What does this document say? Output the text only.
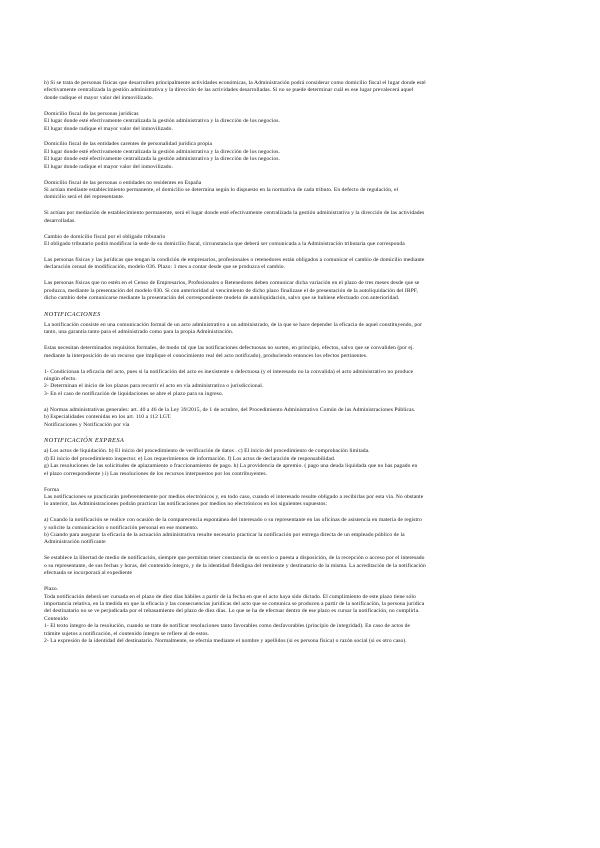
b) Si se trata de personas físicas que desarrollen principalmente actividades económicas, la Administración podrá considerar como domicilio fiscal el lugar donde esté

efectivamente centralizada la gestión administrativa y la dirección de las actividades desarrolladas. Si no se puede determinar cuál es ese lugar prevalecerá aquel

donde radique el mayor valor del inmovilizado.

Domicilio fiscal de las personas jurídicas

El lugar donde esté efectivamente centralizada la gestión administrativa y la dirección de los negocios.

El lugar donde radique el mayor valor del inmovilizado.

Domicilio fiscal de las entidades carentes de personalidad jurídica propia

El lugar donde esté efectivamente centralizada la gestión administrativa y la dirección de los negocios.

El lugar donde esté efectivamente centralizada la gestión administrativa y la dirección de los negocios.

El lugar donde radique el mayor valor del inmovilizado.

Domicilio fiscal de las personas o entidades no residentes en España

Si actúan mediante establecimiento permanente, el domicilio se determina según lo dispuesto en la normativa de cada tributo. En defecto de regulación, el

domicilio será el del representante.

Si actúan por mediación de establecimiento permanente, será el lugar donde esté efectivamente centralizada la gestión administrativa y la dirección de las actividades

desarrolladas.

Cambio de domicilio fiscal por el obligado tributario

El obligado tributario podrá modificar la sede de su domicilio fiscal, circunstancia que deberá ser comunicada a la Administración tributaria que corresponda

Las personas físicas y las jurídicas que tengan la condición de empresarios, profesionales o retenedores están obligados a comunicar el cambio de domicilio mediante

declaración censal de modificación, modelo 036. Plazo: 1 mes a contar desde que se produzca el cambio.

Las personas físicas que no estén en el Censo de Empresarios, Profesionales o Retenedores deben comunicar dicha variación en el plazo de tres meses desde que se

produzca, mediante la presentación del modelo 030. Si con anterioridad al vencimiento de dicho plazo finalizase el de presentación de la autoliquidación del IRPF,

dicho cambio debe comunicarse mediante la presentación del correspondiente modelo de autoliquidación, salvo que se hubiese efectuado con anterioridad.

NOTIFICACIONES

La notificación consiste en una comunicación formal de un acto administrativo a un administrado, de la que se hace depender la eficacia de aquel constituyendo, por

tanto, una garantía tanto para el administrado como para la propia Administración.

Estas necesitan determinados requisitos formales, de modo tal que las notificaciones defectuosas no surten, en principio, efectos, salvo que se convaliden (por ej.

mediante la interposición de un recurso que implique el conocimiento real del acto notificado), produciendo entonces los efectos pertinentes.

1- Condicionan la eficacia del acto, pues si la notificación del acto es inexistente o defectuosa (y el interesado no la convalida) el acto administrativo no produce

ningún efecto.

2- Determinan el inicio de los plazos para recurrir el acto en vía administrativa o jurisdiccional.

3- En el caso de notificación de liquidaciones se abre el plazo para su ingreso.

a) Normas administrativas generales: art. 40 a 46 de la Ley 39/2015, de 1 de octubre, del Procedimiento Administrativo Común de las Administraciones Públicas.

b) Especialidades contenidas en los art. 110 a 112 LGT.

Notificaciones y Notificación por vía

NOTIFICACIÓN EXPRESA

a) Los actos de liquidación. b) El inicio del procedimiento de verificación de datos . c) El inicio del procedimiento de comprobación limitada.

d) El inicio del procedimiento inspector. e) Los requerimientos de información. f) Los actos de declaración de responsabilidad.

g) Las resoluciones de las solicitudes de aplazamiento o fraccionamiento de pago. h) La providencia de apremio. ( pago una deuda liquidada que no has pagado en

el plazo correspondiente ) i) Las resoluciones de los recursos interpuestos por los contribuyentes.

Forma

Las notificaciones se practicarán preferentemente por medios electrónicos y, en todo caso, cuando el interesado resulte obligado a recibirlas por esta vía. No obstante

lo anterior, las Administraciones podrán practicar las notificaciones por medios no electrónicos en los siguientes supuestos:

a) Cuando la notificación se realice con ocasión de la comparecencia espontánea del interesado o su representante en las oficinas de asistencia en materia de registro

y solicite la comunicación o notificación personal en ese momento.

b) Cuando para asegurar la eficacia de la actuación administrativa resulte necesario practicar la notificación por entrega directa de un empleado público de la

Administración notificante

Se establece la libertad de medio de notificación, siempre que permitan tener constancia de su envío o puesta a disposición, de la recepción o acceso por el interesado

o su representante, de sus fechas y horas, del contenido íntegro, y de la identidad fidedigna del remitente y destinatario de la misma. La acreditación de la notificación

efectuada se incorporará al expediente

Plazo.

Toda notificación deberá ser cursada en el plazo de diez días hábiles a partir de la fecha en que el acto haya sido dictado. El cumplimiento de este plazo tiene sólo

importancia relativa, en la medida en que la eficacia y las consecuencias jurídicas del acto que se comunica se producen a partir de la notificación, la persona jurídica

del destinatario no se ve perjudicada por el rebasamiento del plazo de diez días. Lo que se ha de efectuar dentro de ese plazo es cursar la notificación, no cumplirla.

Contenido

1- El texto íntegro de la resolución, cuando se trate de notificar resoluciones tanto favorables como desfavorables (principio de integridad). En caso de actos de

trámite sujetos a notificación, el contenido íntegro se refiere al de estos.

2- La expresión de la identidad del destinatario. Normalmente, se efectúa mediante el nombre y apellidos (si es persona física) o razón social (si es otro caso).
